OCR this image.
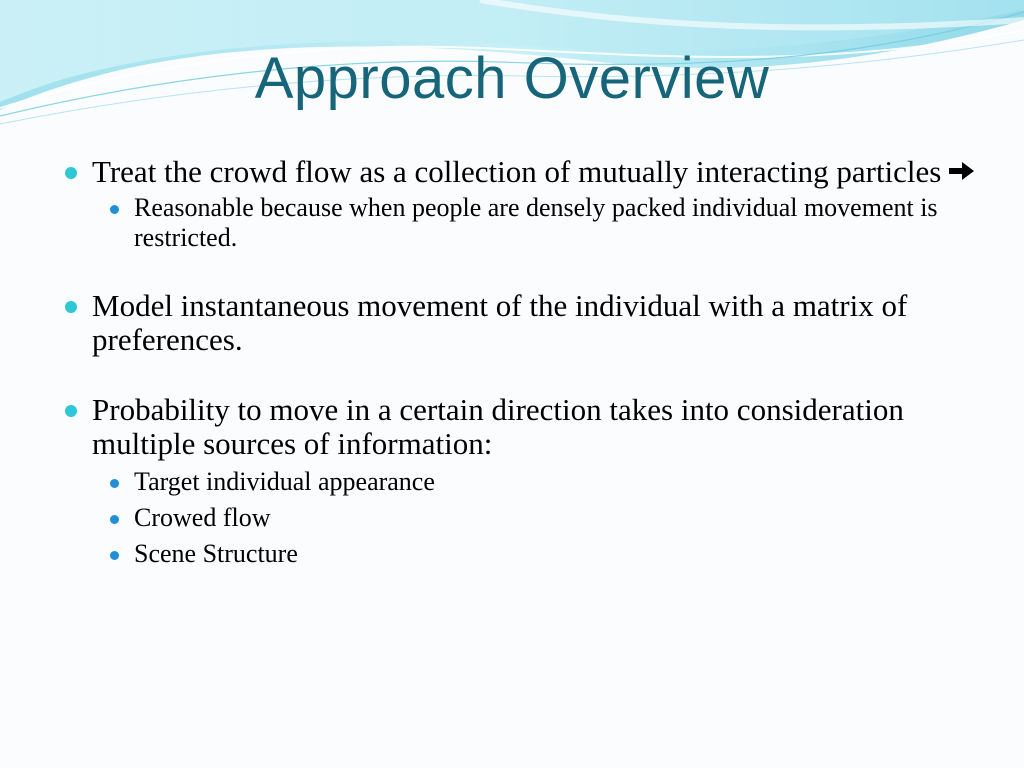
Approach Overview
Treat the crowd flow as a collection of mutually interacting particles
Reasonable because when people are densely packed individual movement is restricted.
Model instantaneous movement of the individual with a matrix of preferences.
Probability to move in a certain direction takes into consideration multiple sources of information:
Target individual appearance
Crowed flow
Scene Structure
